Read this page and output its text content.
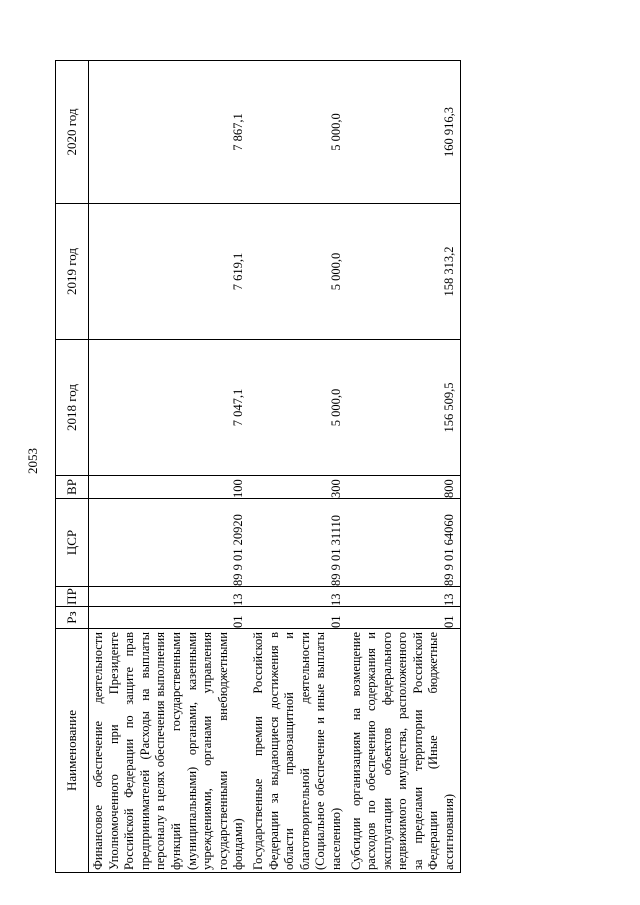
2053
Наименование	Рз	ПР	ЦСР	ВР	2018 год	2019 год	2020 год
Финансовое обеспечение деятельности Уполномоченного при Президенте Российской Федерации по защите прав предпринимателей (Расходы на выплаты персоналу в целях обеспечения выполнения функций государственными (муниципальными) органами, казенными учреждениями, органами управления государственными внебюджетными фондами)	01	13	89 9 01 20920	100	7 047,1	7 619,1	7 867,1
Государственные премии Российской Федерации за выдающиеся достижения в области правозащитной и благотворительной деятельности (Социальное обеспечение и иные выплаты населению)	01	13	89 9 01 31110	300	5 000,0	5 000,0	5 000,0
Субсидии организациям на возмещение расходов по обеспечению содержания и эксплуатации объектов федерального недвижимого имущества, расположенного за пределами территории Российской Федерации (Иные бюджетные ассигнования)	01	13	89 9 01 64060	800	156 509,5	158 313,2	160 916,3
